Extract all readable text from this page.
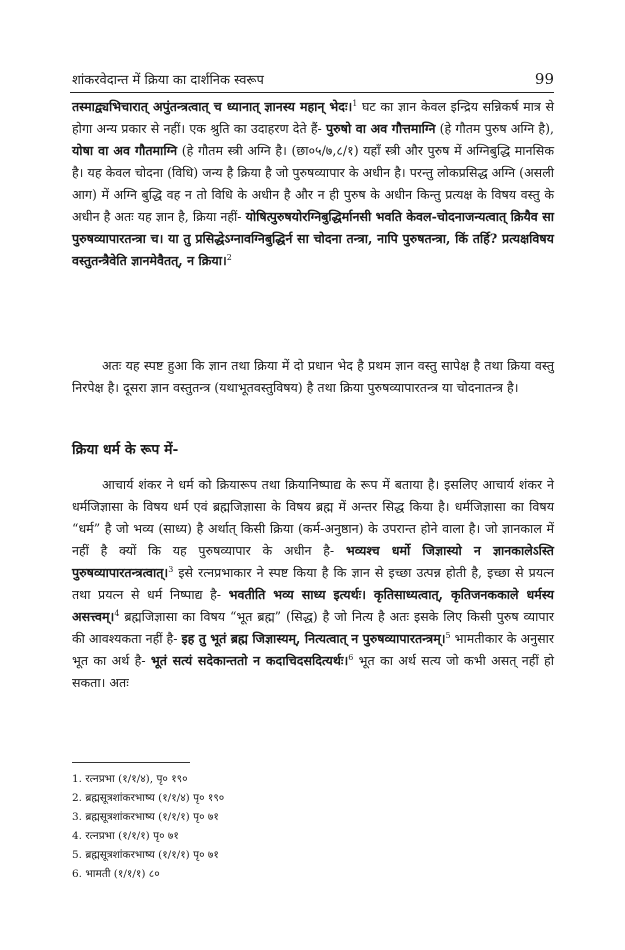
शांकरवेदान्त में क्रिया का दार्शनिक स्वरूप	99

तस्माद्व्यभिचारात् अपुंतन्त्रत्वात् च ध्यानात् ज्ञानस्य महान् भेदः।$^1$ घट का ज्ञान केवल इन्द्रिय सन्निकर्ष मात्र से होगा अन्य प्रकार से नहीं। एक श्रुति का उदाहरण देते हैं- पुरुषो वा अव गौत्तमाग्नि (हे गौतम पुरुष अग्नि है), योषा वा अव गौतमाग्नि (हे गौतम स्त्री अग्नि है। (छा०५/७,८/१) यहाँ स्त्री और पुरुष में अग्निबुद्धि मानसिक है। यह केवल चोदना (विधि) जन्य है क्रिया है जो पुरुषव्यापार के अधीन है। परन्तु लोकप्रसिद्ध अग्नि (असली आग) में अग्नि बुद्धि वह न तो विधि के अधीन है और न ही पुरुष के अधीन किन्तु प्रत्यक्ष के विषय वस्तु के अधीन है अतः यह ज्ञान है, क्रिया नहीं- योषित्पुरुषयोरग्निबुद्धिर्मानसी भवति केवल-चोदनाजन्यत्वात् क्रियैव सा पुरुषव्यापारतन्त्रा च। या तु प्रसिद्धेऽग्नावग्निबुद्धिर्न सा चोदना तन्त्रा, नापि पुरुषतन्त्रा, किं तर्हि? प्रत्यक्षविषय वस्तुतन्त्रैवेति ज्ञानमेवैतत्, न क्रिया।$^2$

अतः यह स्पष्ट हुआ कि ज्ञान तथा क्रिया में दो प्रधान भेद है प्रथम ज्ञान वस्तु सापेक्ष है तथा क्रिया वस्तु निरपेक्ष है। दूसरा ज्ञान वस्तुतन्त्र (यथाभूतवस्तुविषय) है तथा क्रिया पुरुषव्यापारतन्त्र या चोदनातन्त्र है।

क्रिया धर्म के रूप में-

आचार्य शंकर ने धर्म को क्रियारूप तथा क्रियानिष्पाद्य के रूप में बताया है। इसलिए आचार्य शंकर ने धर्मजिज्ञासा के विषय धर्म एवं ब्रह्मजिज्ञासा के विषय ब्रह्म में अन्तर सिद्ध किया है। धर्मजिज्ञासा का विषय “धर्म” है जो भव्य (साध्य) है अर्थात् किसी क्रिया (कर्म-अनुष्ठान) के उपरान्त होने वाला है। जो ज्ञानकाल में नहीं है क्यों कि यह पुरुषव्यापार के अधीन है- भव्यश्च धर्मो जिज्ञास्यो न ज्ञानकालेऽस्ति पुरुषव्यापारतन्त्रत्वात्।$^3$ इसे रत्नप्रभाकार ने स्पष्ट किया है कि ज्ञान से इच्छा उत्पन्न होती है, इच्छा से प्रयत्न तथा प्रयत्न से धर्म निष्पाद्य है- भवतीति भव्य साध्य इत्यर्थः। कृतिसाध्यत्वात्, कृतिजनककाले धर्मस्य असत्त्वम्।$^4$ ब्रह्मजिज्ञासा का विषय “भूत ब्रह्म” (सिद्ध) है जो नित्य है अतः इसके लिए किसी पुरुष व्यापार की आवश्यकता नहीं है- इह तु भूतं ब्रह्म जिज्ञास्यम्, नित्यत्वात् न पुरुषव्यापारतन्त्रम्।$^5$ भामतीकार के अनुसार भूत का अर्थ है- भूतं सत्यं सदेकान्ततो न कदाचिदसदित्यर्थः।$^6$ भूत का अर्थ सत्य जो कभी असत् नहीं हो सकता। अतः

1. रत्नप्रभा (१/१/४), पृ० १९०
2. ब्रह्मसूत्रशांकरभाष्य (१/१/४) पृ० १९०
3. ब्रह्मसूत्रशांकरभाष्य (१/१/१) पृ० ७१
4. रत्नप्रभा (१/१/१) पृ० ७१
5. ब्रह्मसूत्रशांकरभाष्य (१/१/१) पृ० ७१
6. भामती (१/१/१) ८०
